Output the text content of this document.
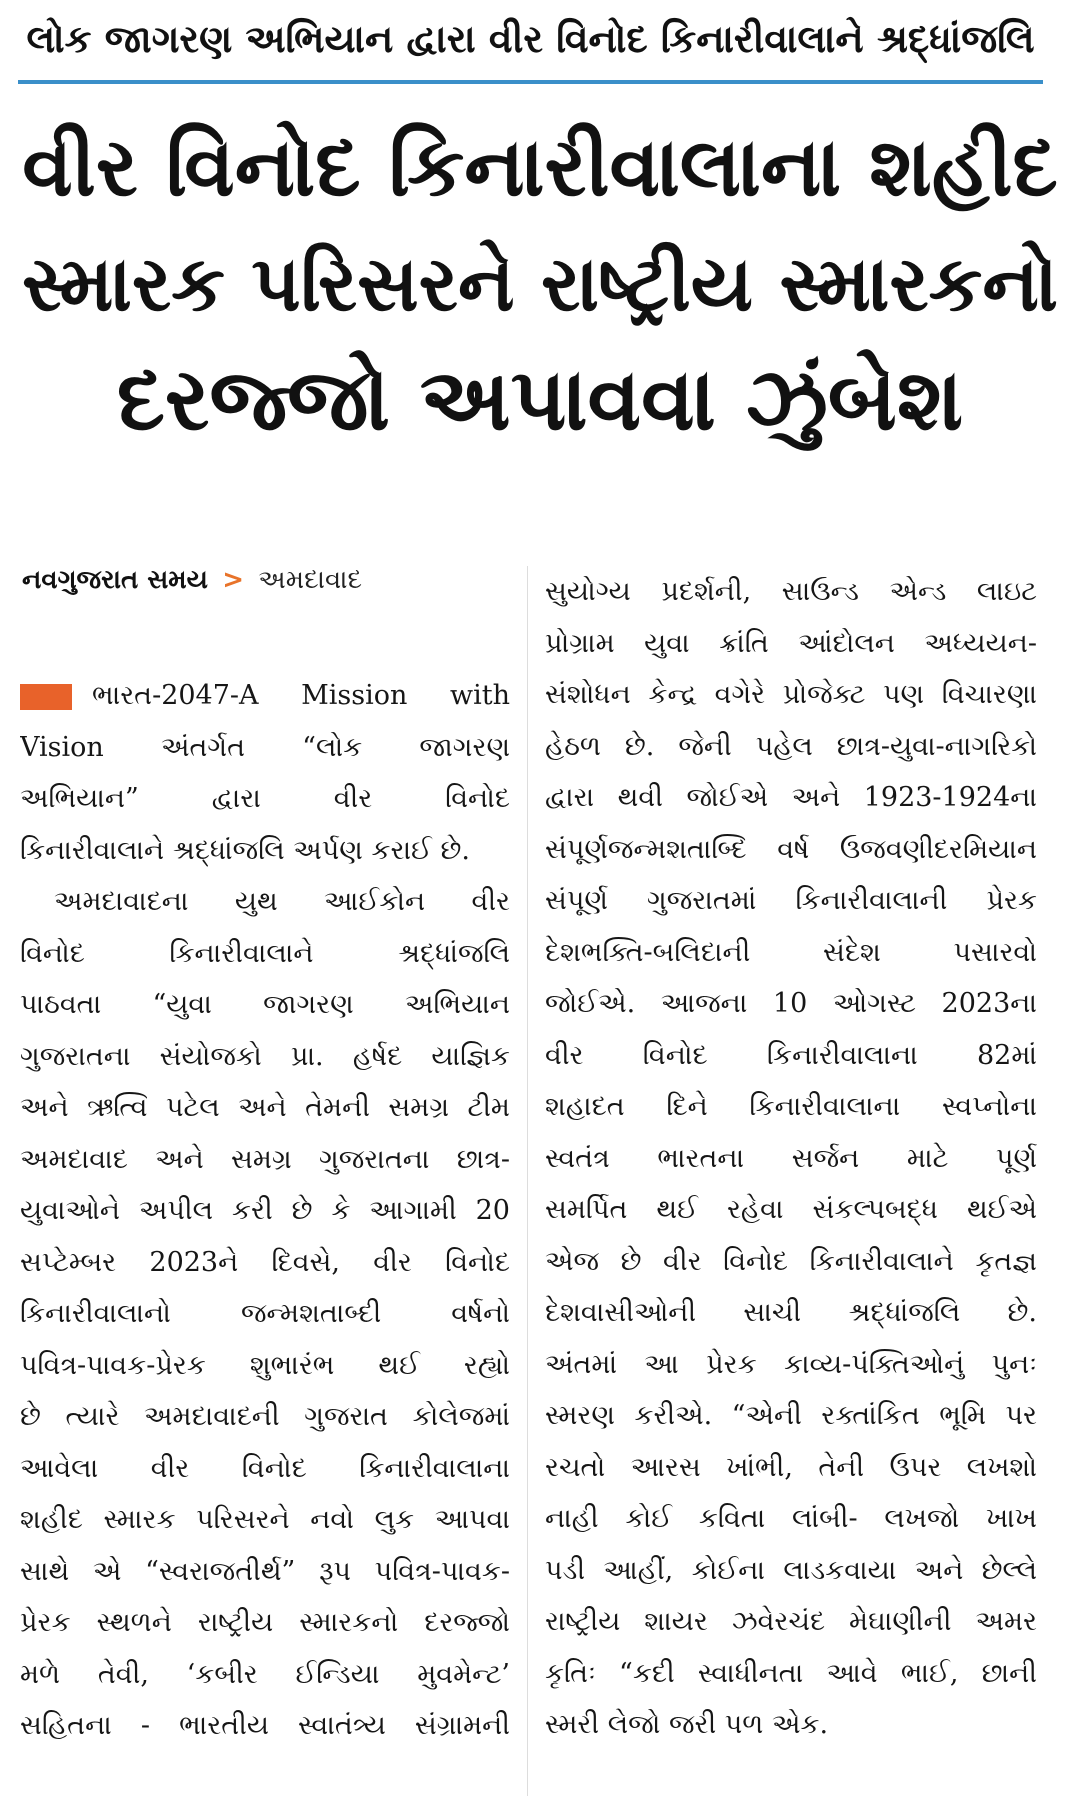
લોક જાગરણ અભિયાન દ્વારા વીર વિનોદ કિનારીવાલાને શ્રદ્ધાંજલિ
વીર વિનોદ કિનારીવાલાના શહીદ
સ્મારક પરિસરને રાષ્ટ્રીય સ્મારકનો
દરજ્જો અપાવવા ઝુંબેશ
નવગુજરાત સમય > અમદાવાદ
ભારત-2047-A Mission with
Vision અંતર્ગત “લોક જાગરણ
અભિયાન” દ્વારા વીર વિનોદ
કિનારીવાલાને શ્રદ્ધાંજલિ અર્પણ કરાઈ છે.
અમદાવાદના યુથ આઈકોન વીર
વિનોદ કિનારીવાલાને શ્રદ્ધાંજલિ
પાઠવતા “યુવા જાગરણ અભિયાન
ગુજરાતના સંયોજકો પ્રા. હર્ષદ યાજ્ઞિક
અને ઋત્વિ પટેલ અને તેમની સમગ્ર ટીમ
અમદાવાદ અને સમગ્ર ગુજરાતના છાત્ર-
યુવાઓને અપીલ કરી છે કે આગામી 20
સપ્ટેમ્બર 2023ને દિવસે, વીર વિનોદ
કિનારીવાલાનો જન્મશતાબ્દી વર્ષનો
પવિત્ર-પાવક-પ્રેરક શુભારંભ થઈ રહ્યો
છે ત્યારે અમદાવાદની ગુજરાત કોલેજમાં
આવેલા વીર વિનોદ કિનારીવાલાના
શહીદ સ્મારક પરિસરને નવો લુક આપવા
સાથે એ “સ્વરાજતીર્થ” રૂપ પવિત્ર-પાવક-
પ્રેરક સ્થળને રાષ્ટ્રીય સ્મારકનો દરજ્જો
મળે તેવી, ‘કબીર ઈન્ડિયા મુવમેન્ટ’
સહિતના - ભારતીય સ્વાતંત્ર્ય સંગ્રામની
સુયોગ્ય પ્રદર્શની, સાઉન્ડ એન્ડ લાઇટ
પ્રોગ્રામ યુવા ક્રાંતિ આંદોલન અધ્યયન-
સંશોધન કેન્દ્ર વગેરે પ્રોજેક્ટ પણ વિચારણા
હેઠળ છે. જેની પહેલ છાત્ર-યુવા-નાગરિકો
દ્વારા થવી જોઈએ અને 1923-1924ના
સંપૂર્ણજન્મશતાબ્દિ વર્ષ ઉજવણીદરમિયાન
સંપૂર્ણ ગુજરાતમાં કિનારીવાલાની પ્રેરક
દેશભક્તિ-બલિદાની સંદેશ પસારવો
જોઈએ. આજના 10 ઓગસ્ટ 2023ના
વીર વિનોદ કિનારીવાલાના 82માં
શહાદત દિને કિનારીવાલાના સ્વપ્નોના
સ્વતંત્ર ભારતના સર્જન માટે પૂર્ણ
સમર્પિત થઈ રહેવા સંકલ્પબદ્ધ થઈએ
એજ છે વીર વિનોદ કિનારીવાલાને કૃતજ્ઞ
દેશવાસીઓની સાચી શ્રદ્ધાંજલિ છે.
અંતમાં આ પ્રેરક કાવ્ય-પંક્તિઓનું પુનઃ
સ્મરણ કરીએ. “એની રક્તાંકિત ભૂમિ પર
રચતો આરસ ખાંભી, તેની ઉપર લખશો
નાહી કોઈ કવિતા લાંબી- લખજો ખાખ
પડી આહીં, કોઈના લાડકવાયા અને છેલ્લે
રાષ્ટ્રીય શાયર ઝવેરચંદ મેઘાણીની અમર
કૃતિઃ “કદી સ્વાધીનતા આવે ભાઈ, છાની
સ્મરી લેજો જરી પળ એક.
